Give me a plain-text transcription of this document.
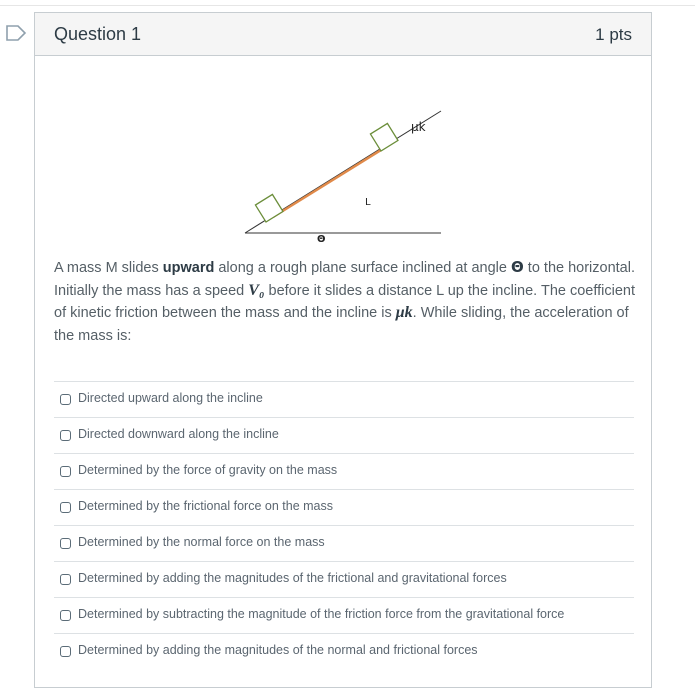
Question 1	1 pts
μk
L
Θ
A mass M slides upward along a rough plane surface inclined at angle Θ to the horizontal. Initially the mass has a speed V₀ before it slides a distance L up the incline. The coefficient of kinetic friction between the mass and the incline is μk. While sliding, the acceleration of the mass is:
Directed upward along the incline
Directed downward along the incline
Determined by the force of gravity on the mass
Determined by the frictional force on the mass
Determined by the normal force on the mass
Determined by adding the magnitudes of the frictional and gravitational forces
Determined by subtracting the magnitude of the friction force from the gravitational force
Determined by adding the magnitudes of the normal and frictional forces
